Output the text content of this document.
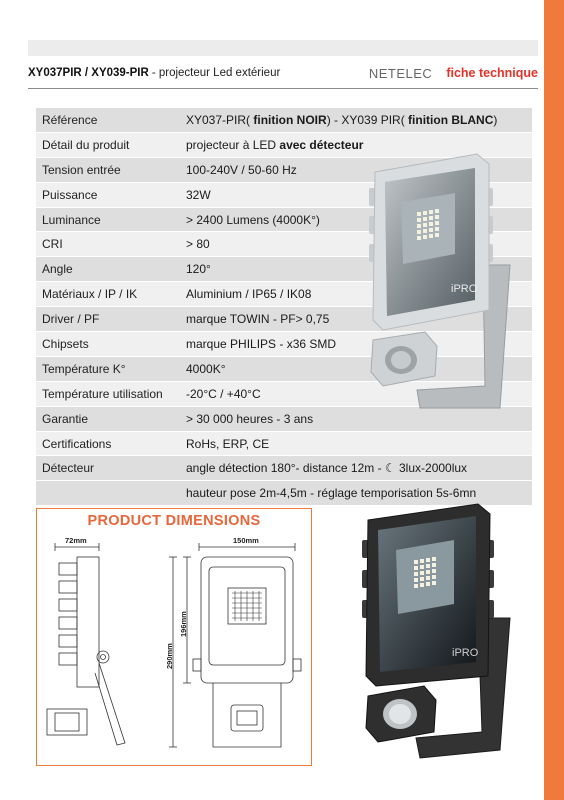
XY037PIR / XY039-PIR - projecteur Led extérieur	NETELEC fiche technique
Référence	XY037-PIR( finition NOIR) - XY039 PIR( finition BLANC)
Détail du produit	projecteur à LED avec détecteur
Tension entrée	100-240V / 50-60 Hz
Puissance	32W
Luminance	> 2400 Lumens (4000K°)
CRI	> 80
Angle	120°
Matériaux / IP / IK	Aluminium / IP65 / IK08
Driver / PF	marque TOWIN - PF> 0,75
Chipsets	marque PHILIPS - x36 SMD
Température K°	4000K°
Température utilisation	-20°C / +40°C
Garantie	> 30 000 heures - 3 ans
Certifications	RoHs, ERP, CE
Détecteur	angle détection 180°- distance 12m - ☾ 3lux-2000lux
	hauteur pose 2m-4,5m - réglage temporisation 5s-6mn
iPRO
iPRO
PRODUCT DIMENSIONS
72mm	150mm
196mm
290mm
